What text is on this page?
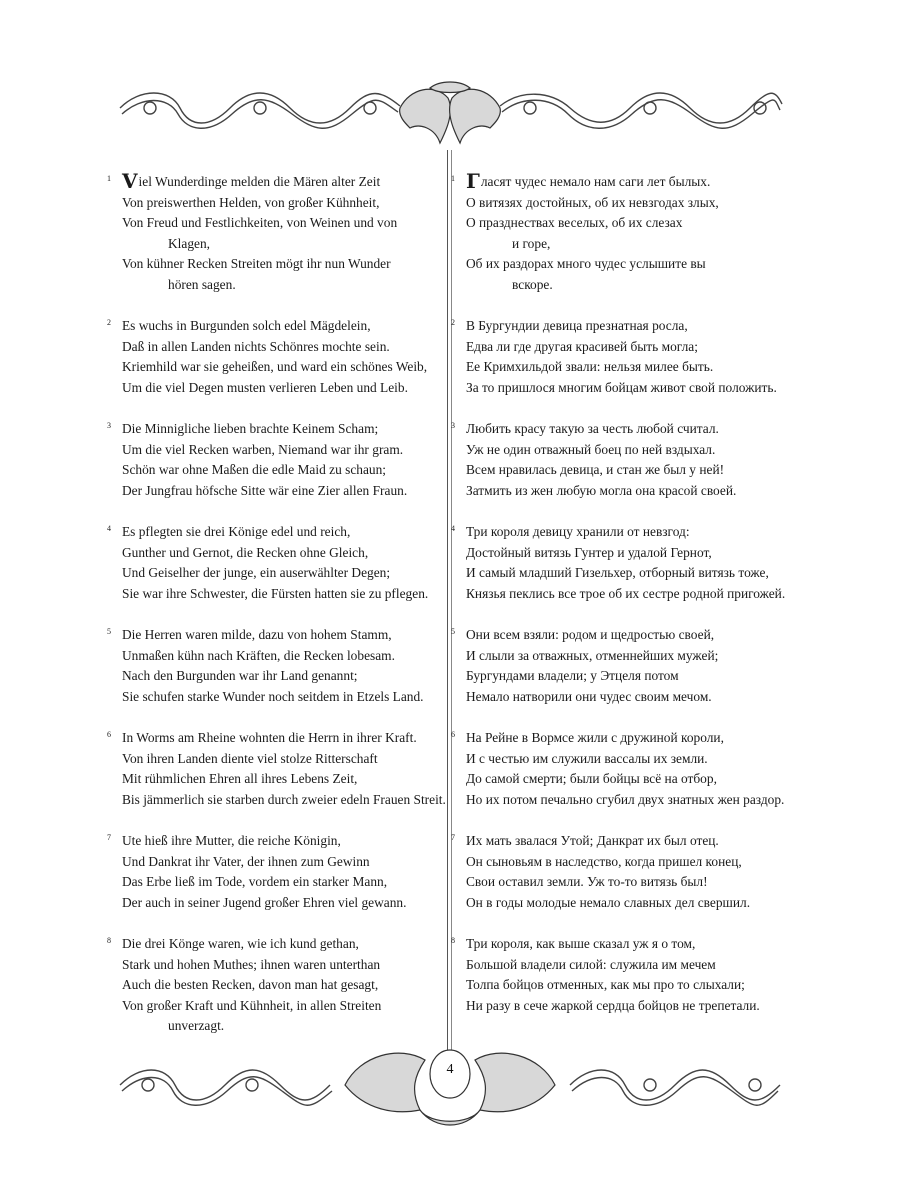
1 Viel Wunderdinge melden die Mären alter Zeit
Von preiswerthen Helden, von großer Kühnheit,
Von Freud und Festlichkeiten, von Weinen und von
Klagen,
Von kühner Recken Streiten mögt ihr nun Wunder
hören sagen.
2 Es wuchs in Burgunden solch edel Mägdelein,
Daß in allen Landen nichts Schönres mochte sein.
Kriemhild war sie geheißen, und ward ein schönes Weib,
Um die viel Degen musten verlieren Leben und Leib.
3 Die Minnigliche lieben brachte Keinem Scham;
Um die viel Recken warben, Niemand war ihr gram.
Schön war ohne Maßen die edle Maid zu schaun;
Der Jungfrau höfsche Sitte wär eine Zier allen Fraun.
4 Es pflegten sie drei Könige edel und reich,
Gunther und Gernot, die Recken ohne Gleich,
Und Geiselher der junge, ein auserwählter Degen;
Sie war ihre Schwester, die Fürsten hatten sie zu pflegen.
5 Die Herren waren milde, dazu von hohem Stamm,
Unmaßen kühn nach Kräften, die Recken lobesam.
Nach den Burgunden war ihr Land genannt;
Sie schufen starke Wunder noch seitdem in Etzels Land.
6 In Worms am Rheine wohnten die Herrn in ihrer Kraft.
Von ihren Landen diente viel stolze Ritterschaft
Mit rühmlichen Ehren all ihres Lebens Zeit,
Bis jämmerlich sie starben durch zweier edeln Frauen Streit.
7 Ute hieß ihre Mutter, die reiche Königin,
Und Dankrat ihr Vater, der ihnen zum Gewinn
Das Erbe ließ im Tode, vordem ein starker Mann,
Der auch in seiner Jugend großer Ehren viel gewann.
8 Die drei Könge waren, wie ich kund gethan,
Stark und hohen Muthes; ihnen waren unterthan
Auch die besten Recken, davon man hat gesagt,
Von großer Kraft und Kühnheit, in allen Streiten
unverzagt.
1 Гласят чудес немало нам саги лет былых.
О витязях достойных, об их невзгодах злых,
О празднествах веселых, об их слезах
и горе,
Об их раздорах много чудес услышите вы
вскоре.
2 В Бургундии девица презнатная росла,
Едва ли где другая красивей быть могла;
Ее Кримхильдой звали: нельзя милее быть.
За то пришлося многим бойцам живот свой положить.
3 Любить красу такую за честь любой считал.
Уж не один отважный боец по ней вздыхал.
Всем нравилась девица, и стан же был у ней!
Затмить из жен любую могла она красой своей.
4 Три короля девицу хранили от невзгод:
Достойный витязь Гунтер и удалой Гернот,
И самый младший Гизельхер, отборный витязь тоже,
Князья пеклись все трое об их сестре родной пригожей.
5 Они всем взяли: родом и щедростью своей,
И слыли за отважных, отменнейших мужей;
Бургундами владели; у Этцеля потом
Немало натворили они чудес своим мечом.
6 На Рейне в Вормсе жили с дружиной короли,
И с честью им служили вассалы их земли.
До самой смерти; были бойцы всё на отбор,
Но их потом печально сгубил двух знатных жен раздор.
7 Их мать звалася Утой; Данкрат их был отец.
Он сыновьям в наследство, когда пришел конец,
Свои оставил земли. Уж то-то витязь был!
Он в годы молодые немало славных дел свершил.
8 Три короля, как выше сказал уж я о том,
Большой владели силой: служила им мечем
Толпа бойцов отменных, как мы про то слыхали;
Ни разу в сече жаркой сердца бойцов не трепетали.
4
